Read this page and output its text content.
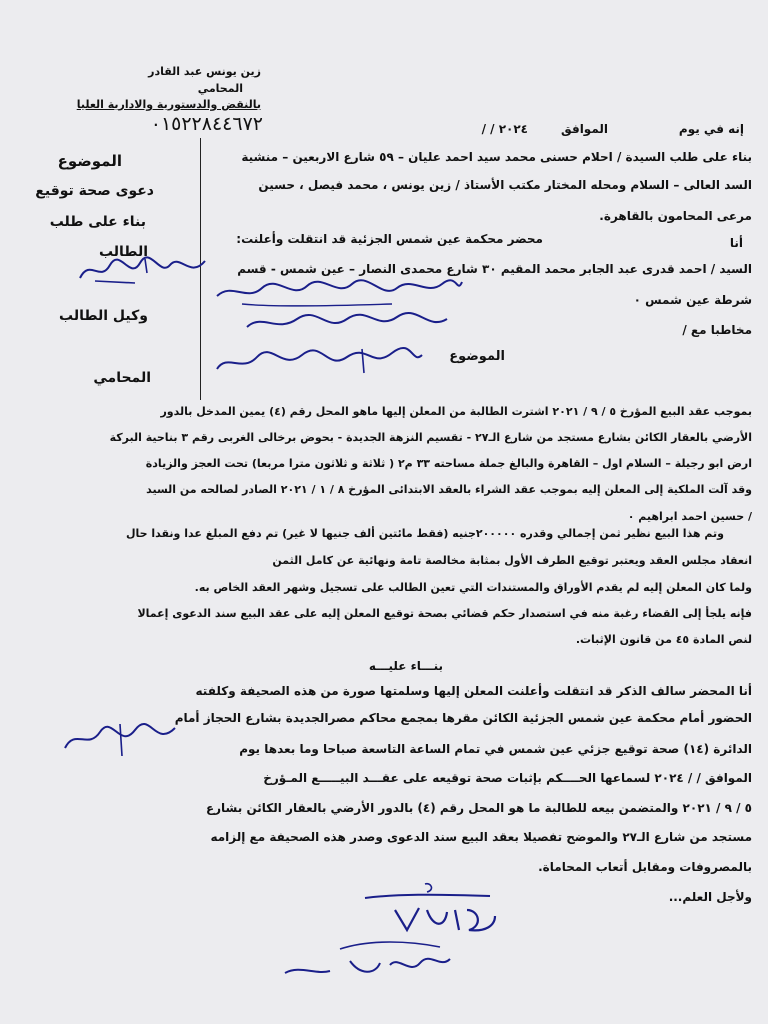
زين يونس عبد القادر
المحامي
بالنقض والدستورية والادارية العليا
٠١٥٢٢٨٤٤٦٧٢	إنه في يوم
الموافق
/ / ٢٠٢٤
الموضوع
دعوى صحة توقيع
بناء على طلب
الطالب
وكيل الطالب
المحامي
بناء على طلب السيدة / احلام حسنى محمد سيد احمد عليان – ٥٩ شارع الاربعين – منشية
السد العالى – السلام ومحله المختار مكتب الأستاذ / زين يونس ، محمد فيصل ، حسين
مرعى المحامون بالقاهرة.
أنا
محضر محكمة عين شمس الجزئية قد انتقلت وأعلنت:
السيد / احمد قدرى عبد الجابر محمد المقيم ٣٠ شارع محمدى النصار – عين شمس - قسم
شرطة عين شمس ٠
مخاطبا مع /
الموضوع
بموجب عقد البيع المؤرخ ٥ / ٩ / ٢٠٢١ اشترت الطالبة من المعلن إليها ماهو المحل رقم (٤) يمين المدخل بالدور
الأرضي بالعقار الكائن بشارع مستجد من شارع الـ٢٧ - تقسيم النزهة الجديدة - بحوض برخالى الغربى رقم ٣ بناحية البركة
ارض ابو رجيلة – السلام اول – القاهرة والبالغ جملة مساحته ٣٣ م٢ ( ثلاثة و ثلاثون مترا مربعا) تحت العجز والزيادة
وقد آلت الملكية إلى المعلن إليه بموجب عقد الشراء بالعقد الابتدائى المؤرخ ٨ / ١ / ٢٠٢١ الصادر لصالحه من السيد
/ حسين احمد ابراهيم ٠
وتم هذا البيع نظير ثمن إجمالي وقدره ٢٠٠٠٠٠جنيه (فقط مائتين ألف جنيها لا غير) تم دفع المبلغ عدا ونقدا حال
انعقاد مجلس العقد ويعتبر توقيع الطرف الأول بمثابة مخالصة تامة ونهائية عن كامل الثمن
ولما كان المعلن إليه لم يقدم الأوراق والمستندات التي تعين الطالب على تسجيل وشهر العقد الخاص به.
فإنه يلجأ إلى القضاء رغبة منه في استصدار حكم قضائي بصحة توقيع المعلن إليه على عقد البيع سند الدعوى إعمالا
لنص المادة ٤٥ من قانون الإثبات.
بنـــاء عليـــه
أنا المحضر سالف الذكر قد انتقلت وأعلنت المعلن إليها وسلمتها صورة من هذه الصحيفة وكلفته
الحضور أمام محكمة عين شمس الجزئية الكائن مقرها بمجمع محاكم مصرالجديدة بشارع الحجاز أمام
الدائرة (١٤) صحة توقيع جزئي عين شمس في تمام الساعة التاسعة صباحا وما بعدها يوم
الموافق / / ٢٠٢٤ لسماعها الحــــكم بإثبات صحة توقيعه على عقـــد البيـــــع المـؤرخ
٥ / ٩ / ٢٠٢١ والمتضمن بيعه للطالبة ما هو المحل رقم (٤) بالدور الأرضي بالعقار الكائن بشارع
مستجد من شارع الـ٢٧ والموضح تفصيلا بعقد البيع سند الدعوى وصدر هذه الصحيفة مع إلزامه
بالمصروفات ومقابل أتعاب المحاماة.
ولأجل العلم...
